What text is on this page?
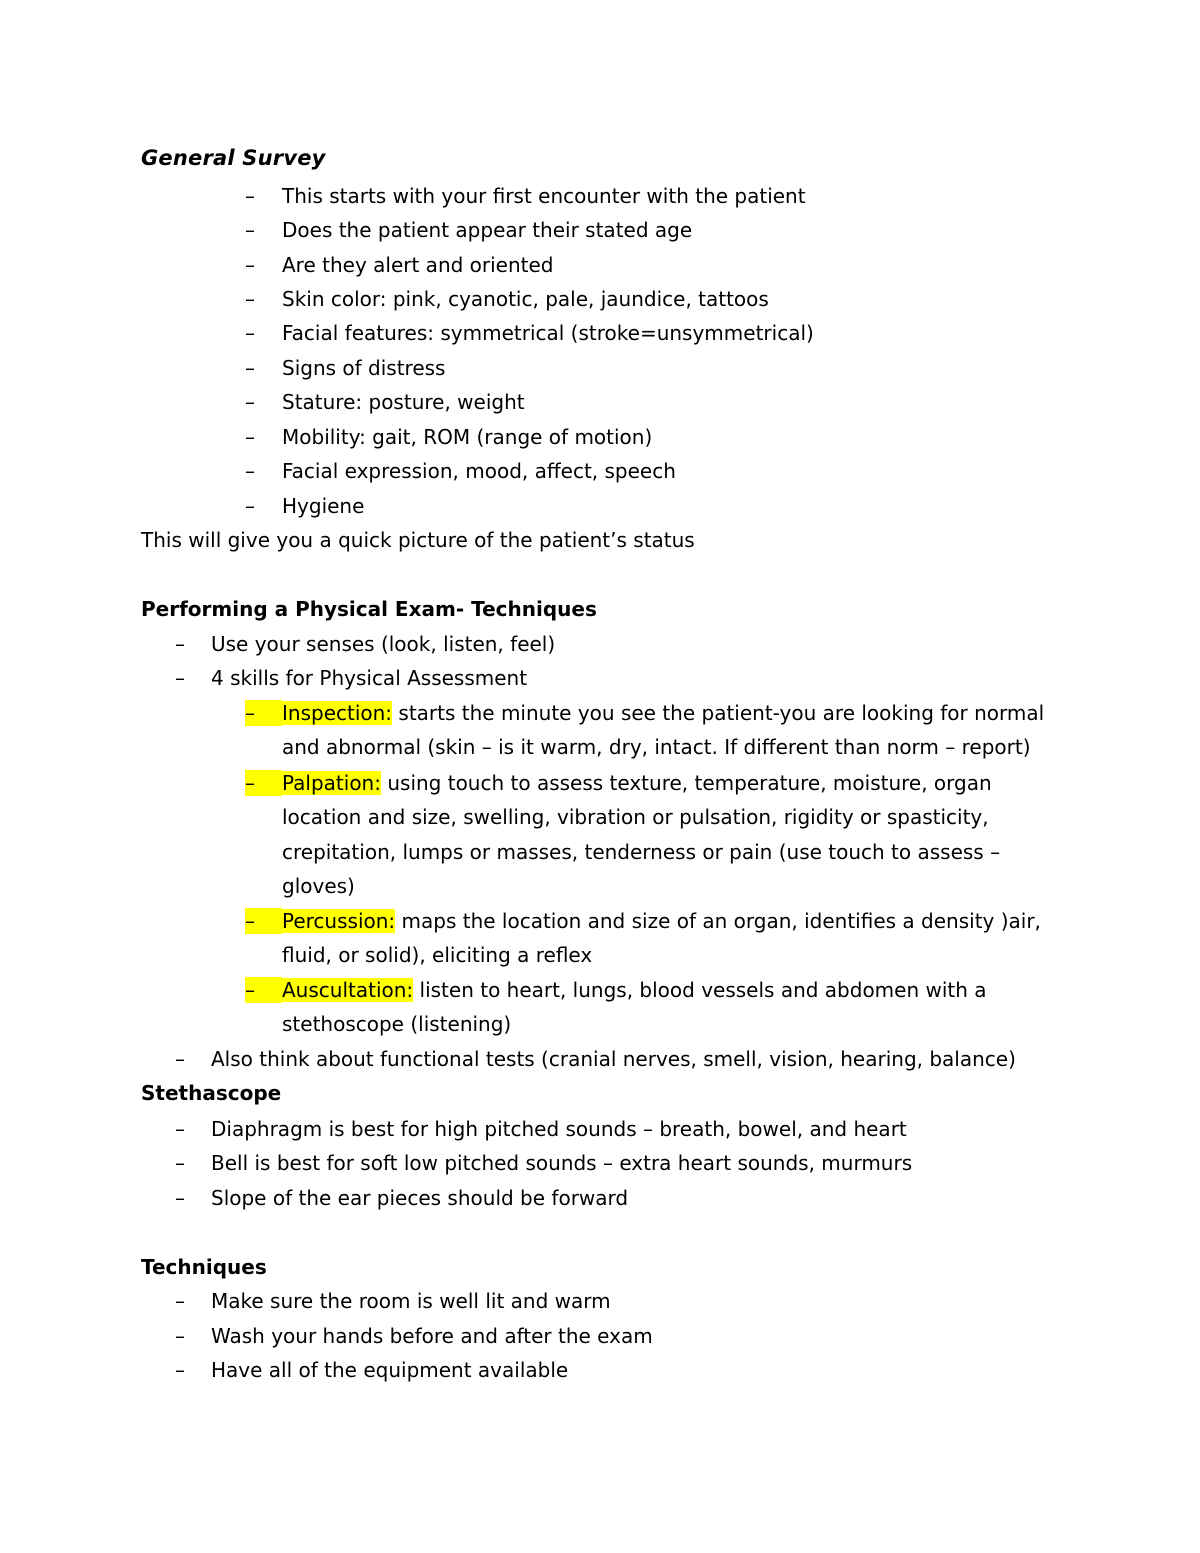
General Survey
–	This starts with your first encounter with the patient
–	Does the patient appear their stated age
–	Are they alert and oriented
–	Skin color: pink, cyanotic, pale, jaundice, tattoos
–	Facial features: symmetrical (stroke=unsymmetrical)
–	Signs of distress
–	Stature: posture, weight
–	Mobility: gait, ROM (range of motion)
–	Facial expression, mood, affect, speech
–	Hygiene
This will give you a quick picture of the patient’s status
Performing a Physical Exam- Techniques
–	Use your senses (look, listen, feel)
–	4 skills for Physical Assessment
–	Inspection: starts the minute you see the patient-you are looking for normal
and abnormal (skin – is it warm, dry, intact. If different than norm – report)
–	Palpation: using touch to assess texture, temperature, moisture, organ
location and size, swelling, vibration or pulsation, rigidity or spasticity,
crepitation, lumps or masses, tenderness or pain (use touch to assess –
gloves)
–	Percussion: maps the location and size of an organ, identifies a density )air,
fluid, or solid), eliciting a reflex
–	Auscultation: listen to heart, lungs, blood vessels and abdomen with a
stethoscope (listening)
–	Also think about functional tests (cranial nerves, smell, vision, hearing, balance)
Stethascope
–	Diaphragm is best for high pitched sounds – breath, bowel, and heart
–	Bell is best for soft low pitched sounds – extra heart sounds, murmurs
–	Slope of the ear pieces should be forward
Techniques
–	Make sure the room is well lit and warm
–	Wash your hands before and after the exam
–	Have all of the equipment available
